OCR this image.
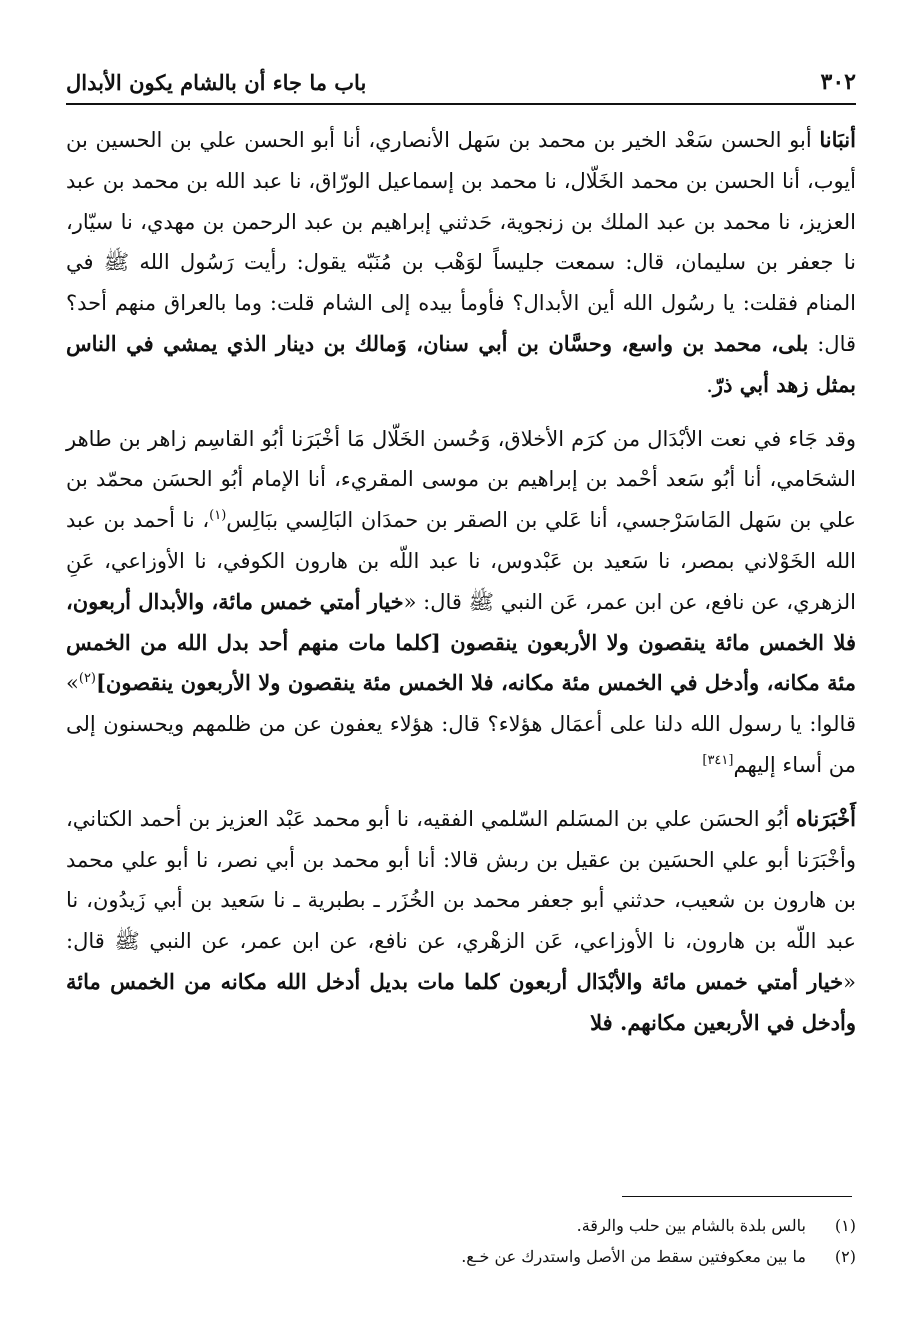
٣٠٢
باب ما جاء أن بالشام يكون الأبدال

أنبَانا أبو الحسن سَعْد الخير بن محمد بن سَهل الأنصاري، أنا أبو الحسن علي بن الحسين بن أيوب، أنا الحسن بن محمد الخَلّال، نا محمد بن إسماعيل الورّاق، نا عبد الله بن محمد بن عبد العزيز، نا محمد بن عبد الملك بن زنجوية، حَدثني إبراهيم بن عبد الرحمن بن مهدي، نا سيّار، نا جعفر بن سليمان، قال: سمعت جليساً لوَهْب بن مُنَبّه يقول: رأيت رَسُول الله ﷺ في المنام فقلت: يا رسُول الله أين الأبدال؟ فأومأ بيده إلى الشام قلت: وما بالعراق منهم أحد؟ قال: بلى، محمد بن واسع، وحسَّان بن أبي سنان، وَمالك بن دينار الذي يمشي في الناس بمثل زهد أبي ذرّ.

وقد جَاء في نعت الأبْدَال من كرَم الأخلاق، وَحُسن الخَلّال مَا أخْبَرَنا أبُو القاسِم زاهر بن طاهر الشحَامي، أنا أبُو سَعد أحْمد بن إبراهيم بن موسى المقريء، أنا الإمام أبُو الحسَن محمّد بن علي بن سَهل المَاسَرْجسي، أنا عَلي بن الصقر بن حمدَان البَالِسي ببَالِس$^{(١)}$، نا أحمد بن عبد الله الخَوْلاني بمصر، نا سَعيد بن عَبْدوس، نا عبد اللّه بن هارون الكوفي، نا الأوزاعي، عَنِ الزهري، عن نافع، عن ابن عمر، عَن النبي ﷺ قال: «خيار أمتي خمس مائة، والأبدال أربعون، فلا الخمس مائة ينقصون ولا الأربعون ينقصون [كلما مات منهم أحد بدل الله من الخمس مئة مكانه، وأدخل في الخمس مئة مكانه، فلا الخمس مئة ينقصون ولا الأربعون ينقصون]$^{(٢)}$» قالوا: يا رسول الله دلنا على أعمَال هؤلاء؟ قال: هؤلاء يعفون عن من ظلمهم ويحسنون إلى من أساء إليهم[٣٤١]

أَخْبَرَناه أبُو الحسَن علي بن المسَلم السّلمي الفقيه، نا أبو محمد عَبْد العزيز بن أحمد الكتاني، وأخْبَرَنا أبو علي الحسَين بن عقيل بن ربش قالا: أنا أبو محمد بن أبي نصر، نا أبو علي محمد بن هارون بن شعيب، حدثني أبو جعفر محمد بن الخُزَر ـ بطبرية ـ نا سَعيد بن أبي زَيدُون، نا عبد اللّه بن هارون، نا الأوزاعي، عَن الزهْري، عن نافع، عن ابن عمر، عن النبي ﷺ قال: «خيار أمتي خمس مائة والأبْدَال أربعون كلما مات بديل أدخل الله مكانه من الخمس مائة وأدخل في الأربعين مكانهم. فلا

(١)
بالس بلدة بالشام بين حلب والرقة.
(٢)
ما بين معكوفتين سقط من الأصل واستدرك عن خـع.
